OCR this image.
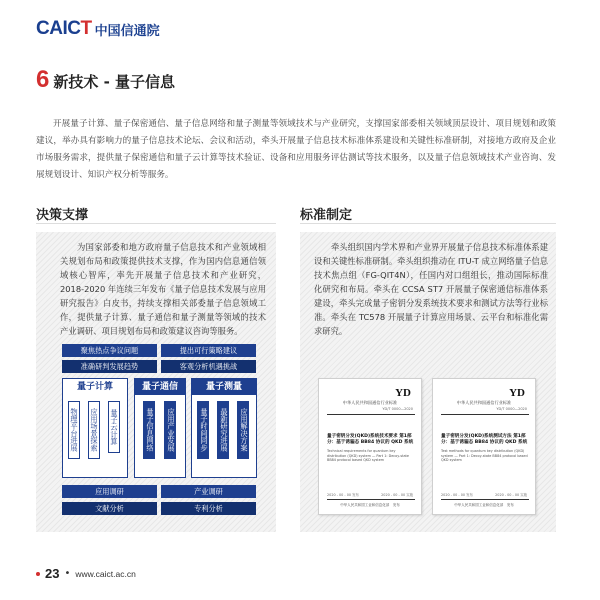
CAICT 中国信通院
6 新技术 - 量子信息

开展量子计算、量子保密通信、量子信息网络和量子测量等领域技术与产业研究，支撑国家部委相关领域顶层设计、项目规划和政策建议，举办具有影响力的量子信息技术论坛、会议和活动，牵头开展量子信息技术标准体系建设和关键性标准研制，对接地方政府及企业市场服务需求，提供量子保密通信和量子云计算等技术验证、设备和应用服务评估测试等技术服务，以及量子信息领域技术产业咨询、发展规划设计、知识产权分析等服务。

决策支撑	标准制定

为国家部委和地方政府量子信息技术和产业领域相关规划布局和政策提供技术支撑，作为国内信息通信领域核心智库，率先开展量子信息技术和产业研究，2018-2020 年连续三年发布《量子信息技术发展与应用研究报告》白皮书，持续支撑相关部委量子信息领域工作，提供量子计算、量子通信和量子测量等领域的技术产业调研、项目规划布局和政策建议咨询等服务。

聚焦热点争议问题	提出可行策略建议
准确研判发展趋势	客观分析机遇挑战
量子计算
物理平台进展 应用场景探索 量子云计算
量子通信
量子信息网络	应用产业发展
量子测量
量子时间同步	最新研究进展	应用解决方案
应用调研	产业调研
文献分析	专利分析

牵头组织国内学术界和产业界开展量子信息技术标准体系建设和关键性标准研制。牵头组织推动在 ITU-T 成立网络量子信息技术焦点组（FG-QIT4N），任国内对口组组长，推动国际标准化研究和布局。牵头在 CCSA ST7 开展量子保密通信标准体系建设，牵头完成量子密钥分发系统技术要求和测试方法等行业标准。牵头在 TC578 开展量子计算应用场景、云平台和标准化需求研究。

YD
中华人民共和国通信行业标准
YD/T 0000—2020
量子密钥分发(QKD)系统技术要求 第1部分：基于诱骗态 BB84 协议的 QKD 系统
Technical requirements for quantum key distribution (QKD) system — Part 1: Decoy-state BB84 protocol based QKD system
2020 - 00 - 00 发布	2020 - 00 - 00 实施
中华人民共和国工业和信息化部　发布
YD
中华人民共和国通信行业标准
YD/T 0000—2020
量子密钥分发(QKD)系统测试方法 第1部分：基于诱骗态 BB84 协议的 QKD 系统
Test methods for quantum key distribution (QKD) system — Part 1: Decoy-state BB84 protocol based QKD system
2020 - 00 - 00 发布	2020 - 00 - 00 实施
中华人民共和国工业和信息化部　发布
23 • www.caict.ac.cn
